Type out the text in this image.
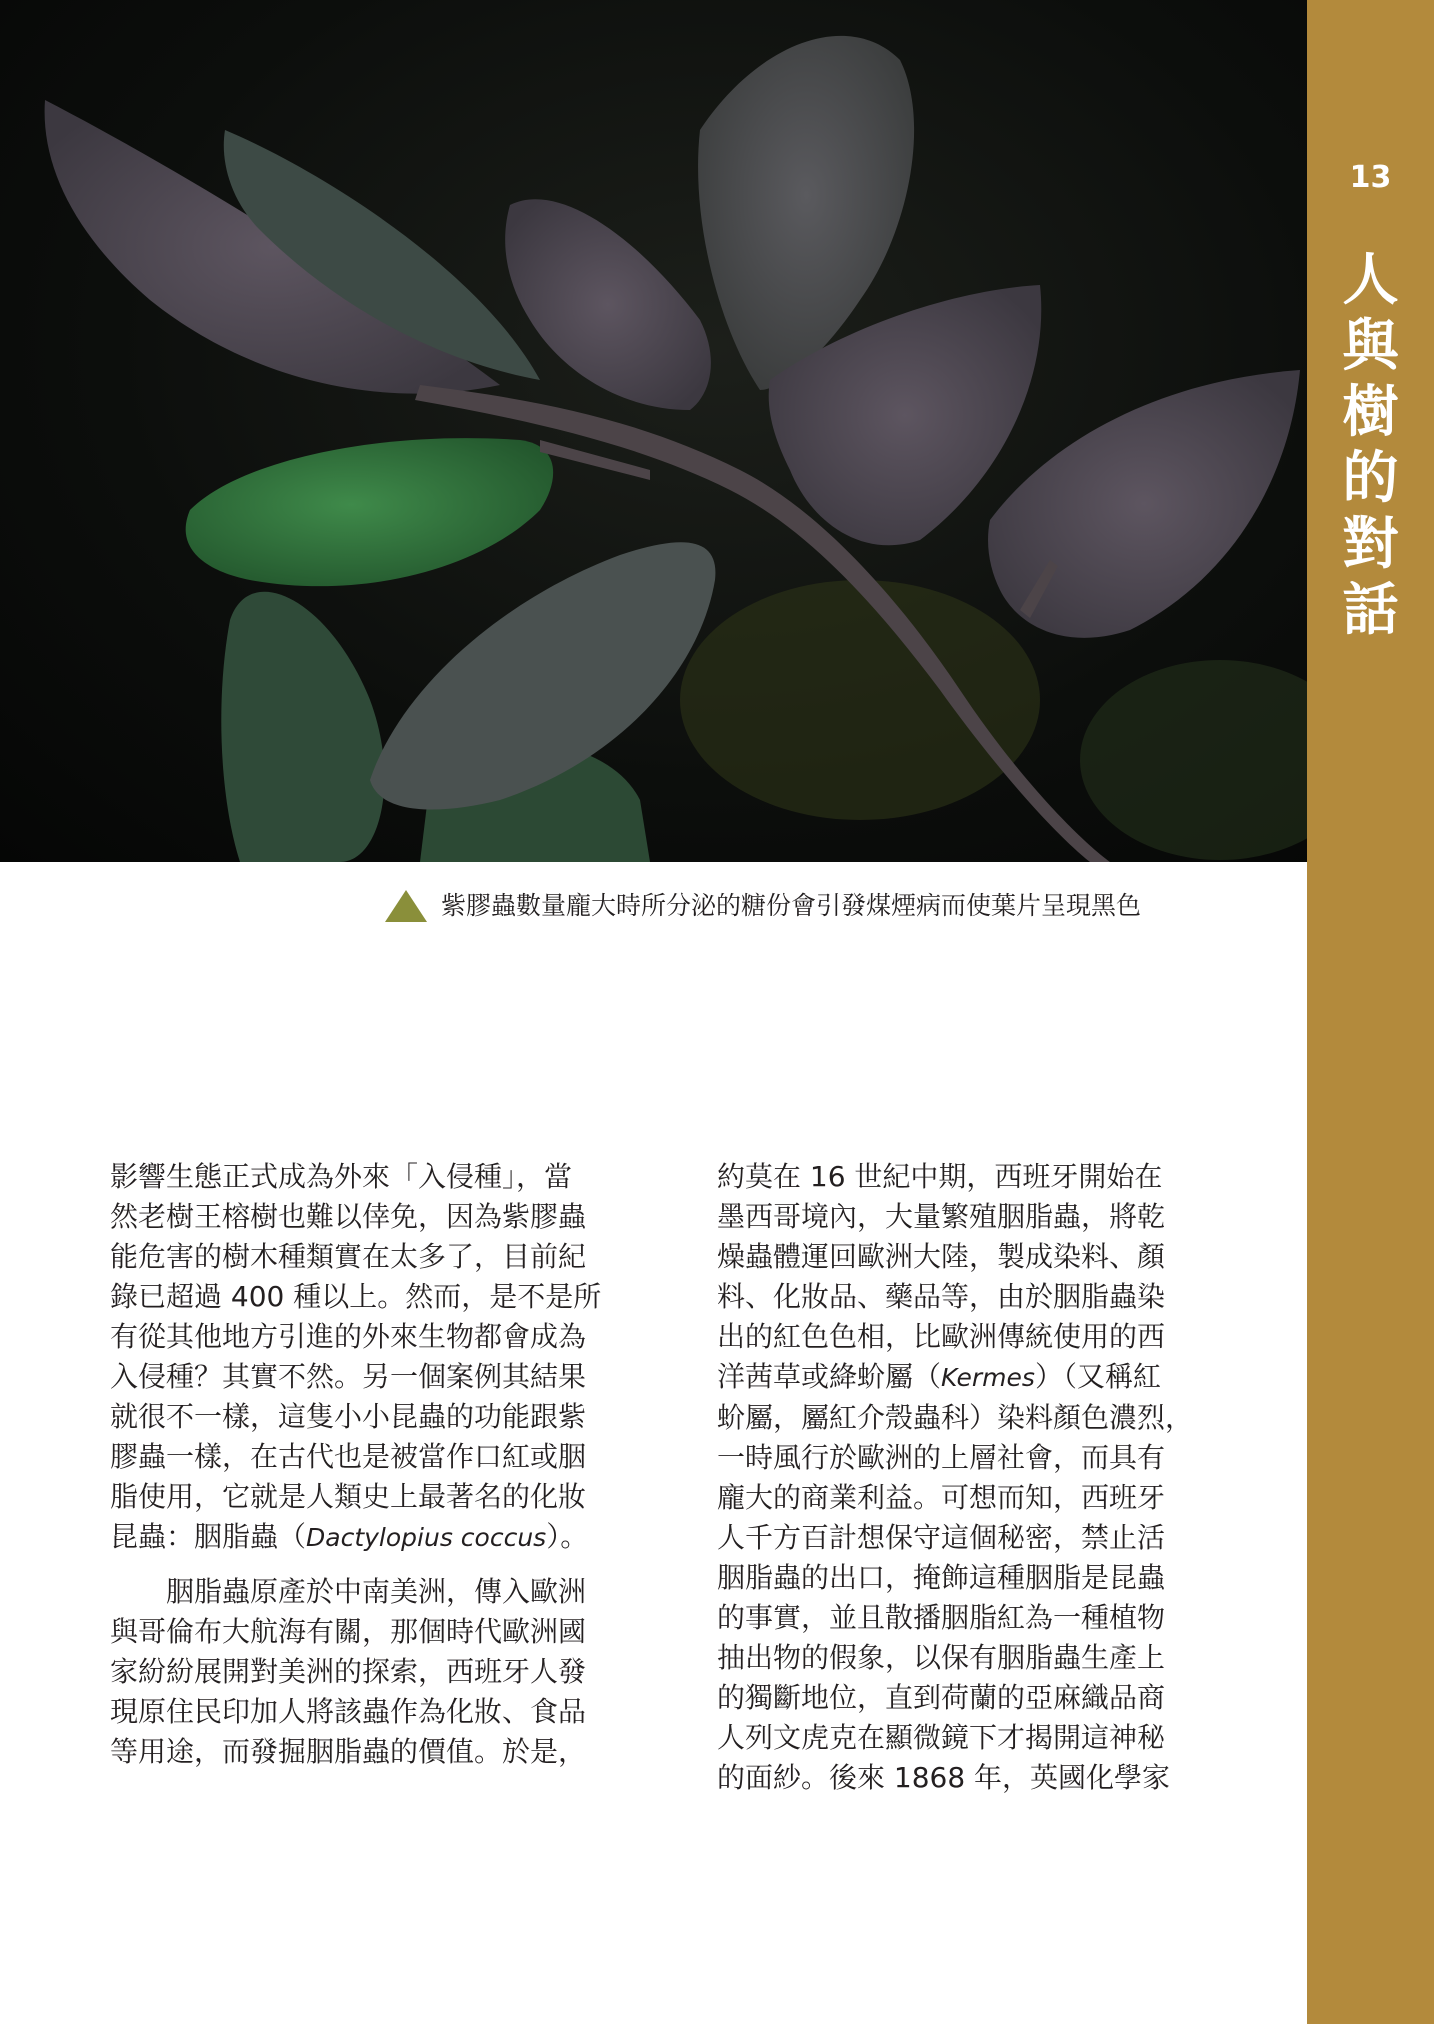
13
人
與
樹
的
對
話
紫膠蟲數量龐大時所分泌的糖份會引發煤煙病而使葉片呈現黑色

影響生態正式成為外來「入侵種」，當
然老樹王榕樹也難以倖免，因為紫膠蟲
能危害的樹木種類實在太多了，目前紀
錄已超過 400 種以上。然而，是不是所
有從其他地方引進的外來生物都會成為
入侵種？其實不然。另一個案例其結果
就很不一樣，這隻小小昆蟲的功能跟紫
膠蟲一樣，在古代也是被當作口紅或胭
脂使用，它就是人類史上最著名的化妝
昆蟲：胭脂蟲（Dactylopius coccus）。

　　胭脂蟲原產於中南美洲，傳入歐洲
與哥倫布大航海有關，那個時代歐洲國
家紛紛展開對美洲的探索，西班牙人發
現原住民印加人將該蟲作為化妝、食品
等用途，而發掘胭脂蟲的價值。於是，

約莫在 16 世紀中期，西班牙開始在
墨西哥境內，大量繁殖胭脂蟲，將乾
燥蟲體運回歐洲大陸，製成染料、顏
料、化妝品、藥品等，由於胭脂蟲染
出的紅色色相，比歐洲傳統使用的西
洋茜草或絳蚧屬（Kermes）（又稱紅
蚧屬，屬紅介殼蟲科）染料顏色濃烈，
一時風行於歐洲的上層社會，而具有
龐大的商業利益。可想而知，西班牙
人千方百計想保守這個秘密，禁止活
胭脂蟲的出口，掩飾這種胭脂是昆蟲
的事實，並且散播胭脂紅為一種植物
抽出物的假象，以保有胭脂蟲生產上
的獨斷地位，直到荷蘭的亞麻織品商
人列文虎克在顯微鏡下才揭開這神秘
的面紗。後來 1868 年，英國化學家
